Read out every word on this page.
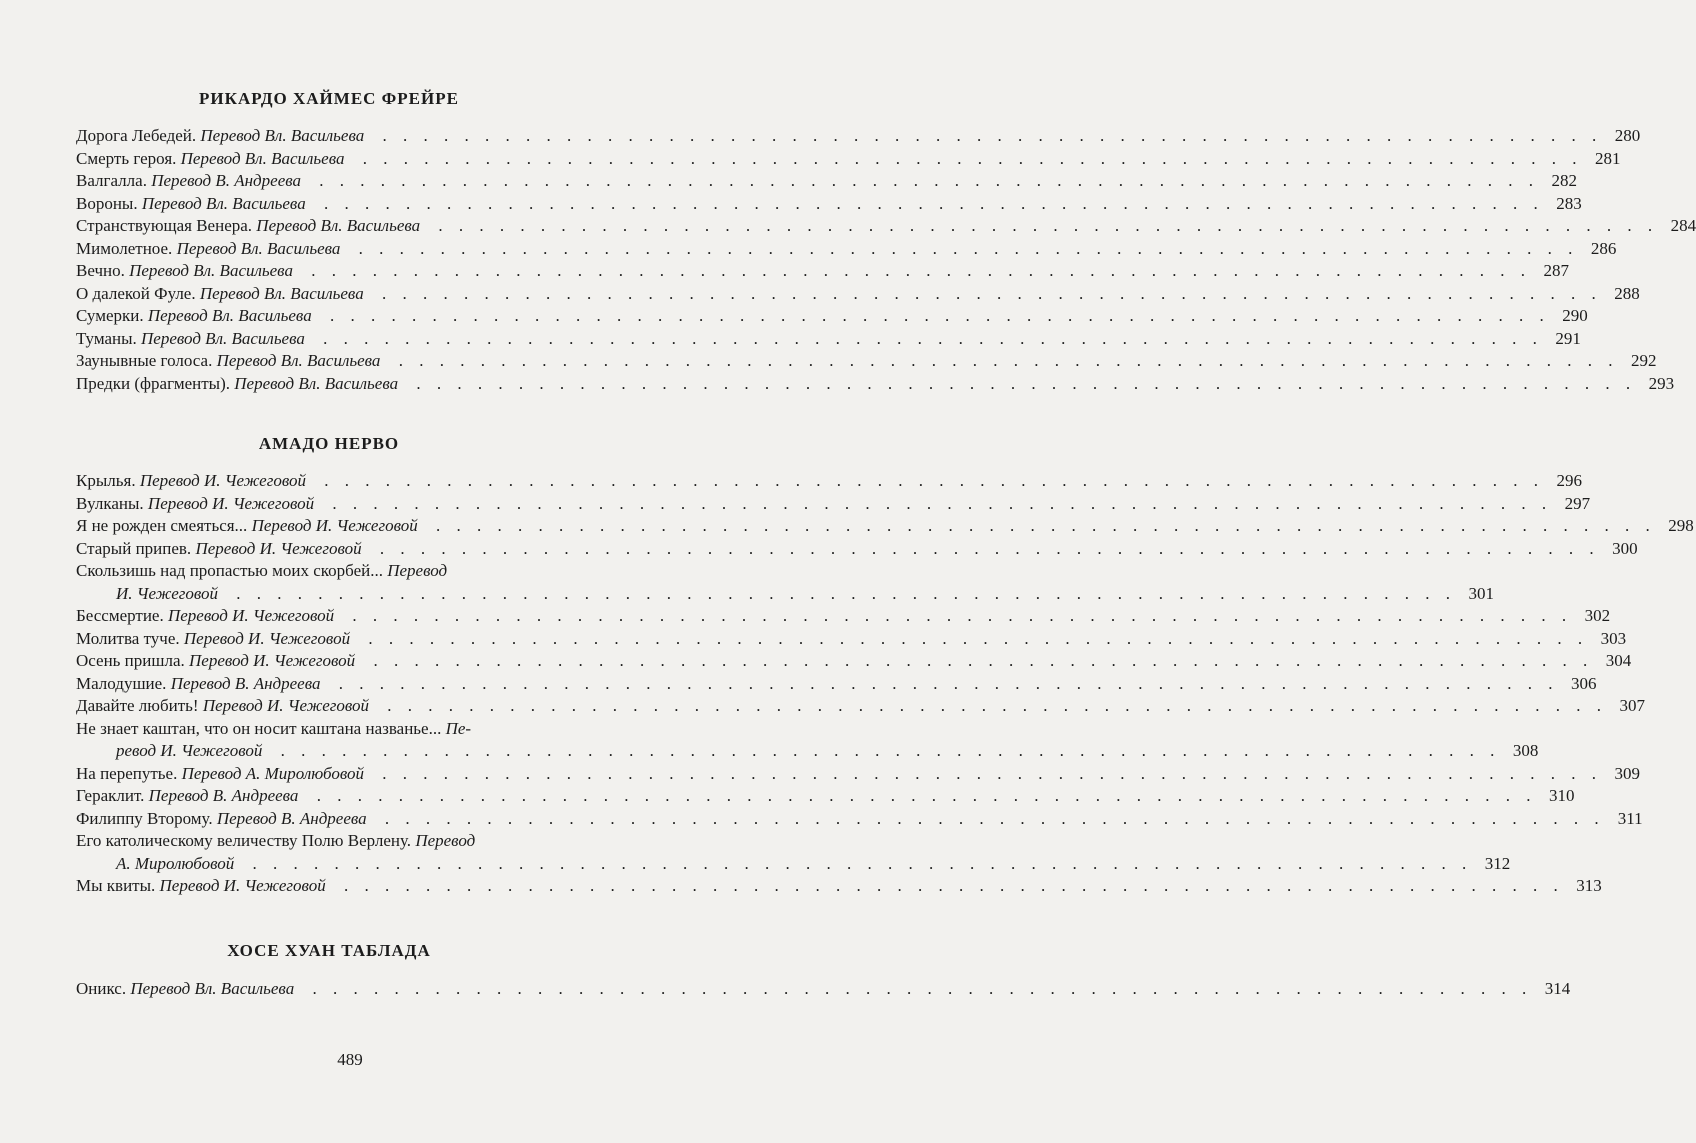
РИКАРДО ХАЙМЕС ФРЕЙРЕ
Дорога Лебедей. Перевод Вл. Васильева . . . . . . . . . . . . . . . . . . . . . . . . . . . . . . . . . . . . . . . . . . . . . . . . . . . . . . . . . . . . 280
Смерть героя. Перевод Вл. Васильева . . . . . . . . . . . . . . . . . . . . . . . . . . . . . . . . . . . . . . . . . . . . . . . . . . . . . . . . . . . . 281
Валгалла. Перевод В. Андреева . . . . . . . . . . . . . . . . . . . . . . . . . . . . . . . . . . . . . . . . . . . . . . . . . . . . . . . . . . . . 282
Вороны. Перевод Вл. Васильева . . . . . . . . . . . . . . . . . . . . . . . . . . . . . . . . . . . . . . . . . . . . . . . . . . . . . . . . . . . . 283
Странствующая Венера. Перевод Вл. Васильева . . . . . . . . . . . . . . . . . . . . . . . . . . . . . . . . . . . . . . . . . . . . . . . . . . . . . . . . . . . . 284
Мимолетное. Перевод Вл. Васильева . . . . . . . . . . . . . . . . . . . . . . . . . . . . . . . . . . . . . . . . . . . . . . . . . . . . . . . . . . . . 286
Вечно. Перевод Вл. Васильева . . . . . . . . . . . . . . . . . . . . . . . . . . . . . . . . . . . . . . . . . . . . . . . . . . . . . . . . . . . . 287
О далекой Фуле. Перевод Вл. Васильева . . . . . . . . . . . . . . . . . . . . . . . . . . . . . . . . . . . . . . . . . . . . . . . . . . . . . . . . . . . . 288
Сумерки. Перевод Вл. Васильева . . . . . . . . . . . . . . . . . . . . . . . . . . . . . . . . . . . . . . . . . . . . . . . . . . . . . . . . . . . . 290
Туманы. Перевод Вл. Васильева . . . . . . . . . . . . . . . . . . . . . . . . . . . . . . . . . . . . . . . . . . . . . . . . . . . . . . . . . . . . 291
Заунывные голоса. Перевод Вл. Васильева . . . . . . . . . . . . . . . . . . . . . . . . . . . . . . . . . . . . . . . . . . . . . . . . . . . . . . . . . . . . 292
Предки (фрагменты). Перевод Вл. Васильева . . . . . . . . . . . . . . . . . . . . . . . . . . . . . . . . . . . . . . . . . . . . . . . . . . . . . . . . . . . . 293
АМАДО НЕРВО
Крылья. Перевод И. Чежеговой . . . . . . . . . . . . . . . . . . . . . . . . . . . . . . . . . . . . . . . . . . . . . . . . . . . . . . . . . . . . 296
Вулканы. Перевод И. Чежеговой . . . . . . . . . . . . . . . . . . . . . . . . . . . . . . . . . . . . . . . . . . . . . . . . . . . . . . . . . . . . 297
Я не рожден смеяться... Перевод И. Чежеговой . . . . . . . . . . . . . . . . . . . . . . . . . . . . . . . . . . . . . . . . . . . . . . . . . . . . . . . . . . . . 298
Старый припев. Перевод И. Чежеговой . . . . . . . . . . . . . . . . . . . . . . . . . . . . . . . . . . . . . . . . . . . . . . . . . . . . . . . . . . . . 300
Скользишь над пропастью моих скорбей... Перевод
И. Чежеговой . . . . . . . . . . . . . . . . . . . . . . . . . . . . . . . . . . . . . . . . . . . . . . . . . . . . . . . . . . . . 301
Бессмертие. Перевод И. Чежеговой . . . . . . . . . . . . . . . . . . . . . . . . . . . . . . . . . . . . . . . . . . . . . . . . . . . . . . . . . . . . 302
Молитва туче. Перевод И. Чежеговой . . . . . . . . . . . . . . . . . . . . . . . . . . . . . . . . . . . . . . . . . . . . . . . . . . . . . . . . . . . . 303
Осень пришла. Перевод И. Чежеговой . . . . . . . . . . . . . . . . . . . . . . . . . . . . . . . . . . . . . . . . . . . . . . . . . . . . . . . . . . . . 304
Малодушие. Перевод В. Андреева . . . . . . . . . . . . . . . . . . . . . . . . . . . . . . . . . . . . . . . . . . . . . . . . . . . . . . . . . . . . 306
Давайте любить! Перевод И. Чежеговой . . . . . . . . . . . . . . . . . . . . . . . . . . . . . . . . . . . . . . . . . . . . . . . . . . . . . . . . . . . . 307
Не знает каштан, что он носит каштана названье... Пе-
ревод И. Чежеговой . . . . . . . . . . . . . . . . . . . . . . . . . . . . . . . . . . . . . . . . . . . . . . . . . . . . . . . . . . . . 308
На перепутье. Перевод А. Миролюбовой . . . . . . . . . . . . . . . . . . . . . . . . . . . . . . . . . . . . . . . . . . . . . . . . . . . . . . . . . . . . 309
Гераклит. Перевод В. Андреева . . . . . . . . . . . . . . . . . . . . . . . . . . . . . . . . . . . . . . . . . . . . . . . . . . . . . . . . . . . . 310
Филиппу Второму. Перевод В. Андреева . . . . . . . . . . . . . . . . . . . . . . . . . . . . . . . . . . . . . . . . . . . . . . . . . . . . . . . . . . . . 311
Его католическому величеству Полю Верлену. Перевод
А. Миролюбовой . . . . . . . . . . . . . . . . . . . . . . . . . . . . . . . . . . . . . . . . . . . . . . . . . . . . . . . . . . . . 312
Мы квиты. Перевод И. Чежеговой . . . . . . . . . . . . . . . . . . . . . . . . . . . . . . . . . . . . . . . . . . . . . . . . . . . . . . . . . . . . 313
ХОСЕ ХУАН ТАБЛАДА
Оникс. Перевод Вл. Васильева . . . . . . . . . . . . . . . . . . . . . . . . . . . . . . . . . . . . . . . . . . . . . . . . . . . . . . . . . . . . 314
489
